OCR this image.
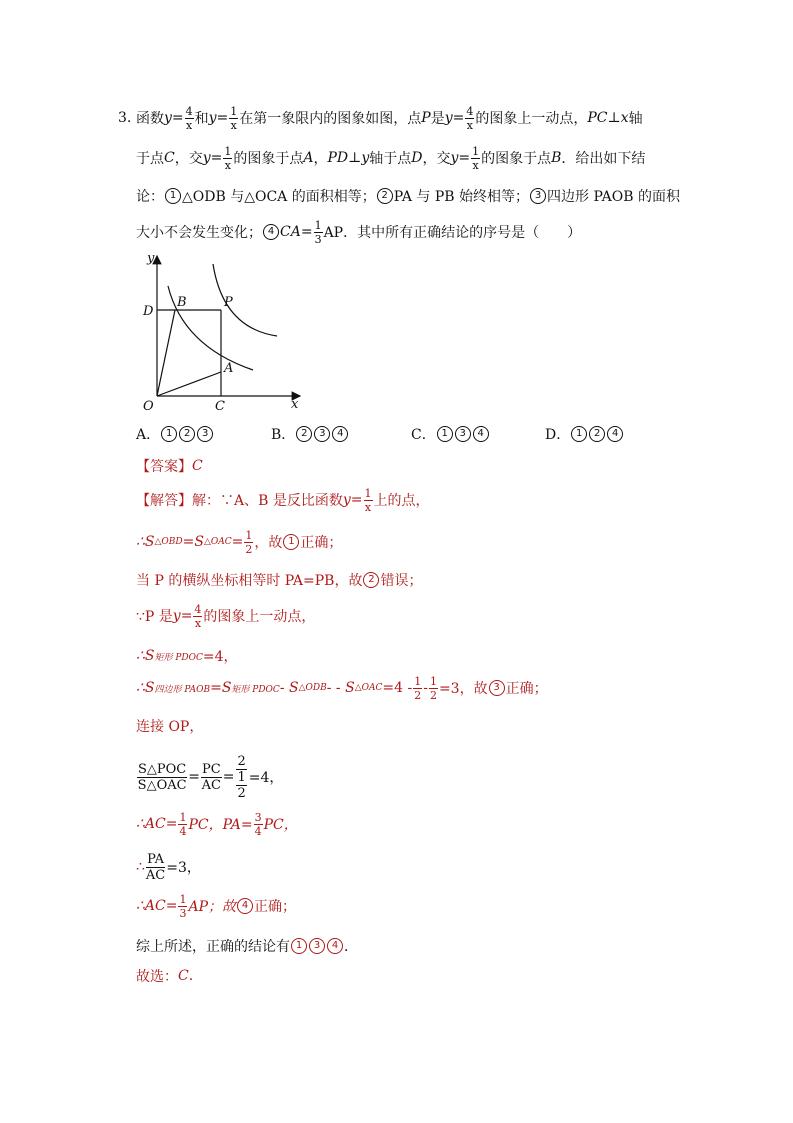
3. 函数 $y= \frac{4}{x}$ 和 $y= \frac{1}{x}$ 在第一象限内的图象如图，点 P 是 $y= \frac{4}{x}$ 的图象上一动点， PC ⊥ x 轴
于点 C ，交 $y= \frac{1}{x}$ 的图象于点 A ， PD ⊥ y 轴于点 D ，交 $y= \frac{1}{x}$ 的图象于点 B ．给出如下结
论： 1 △ODB 与△OCA 的面积相等； 2 PA 与 PB 始终相等； 3 四边形 PAOB 的面积
大小不会发生变化； 4 $CA= \frac{1}{3}$ AP．其中所有正确结论的序号是（　　）
y
x
O
D
B	P
A
C
A． 1	2	3	B． 2	3	4	C． 1	3	4	D． 1	2	4
【答案】 C
【解答】 解：∵A、B 是反比函数 $y= \frac{1}{x}$ 上的点，
∴S △OBD =S △OAC = $\frac{1}{2}$ ，故 1 正确；
当 P 的横纵坐标相等时 PA=PB，故 2 错误；
∵P 是 $y= \frac{4}{x}$ 的图象上一动点，
∴S 矩形 PDOC =4，
∴S 四边形 PAOB =S 矩形 PDOC - S △ODB - - S △OAC $=4 - \frac{1}{2} - \frac{1}{2} =3$，故 3 正确；
连接 OP，
$\frac{\text{S△POC}}{\text{S△OAC}} = \frac{PC}{AC} = \frac{2}{\frac{1}{2}} =4$，
∴AC= $\frac{1}{4}$ PC，$PA= \frac{3}{4}$ PC，
∴ $\frac{PA}{AC} =3$，
∴AC= $\frac{1}{3}$ AP；故 4 正确；
综上所述，正确的结论有 1	3	4 ．
故选： C .
